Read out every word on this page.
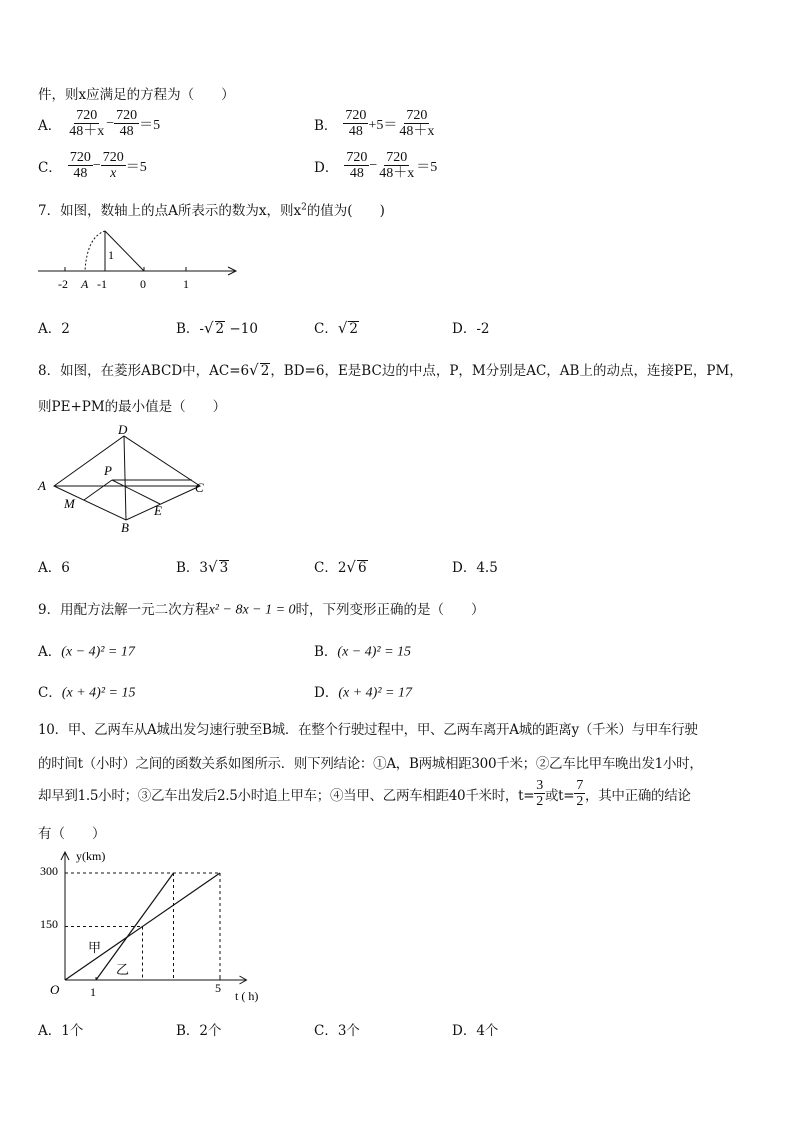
件，则x应满足的方程为（　　）
A． $\frac{720}{48+x} - \frac{720}{48} =5$	B． $\frac{720}{48} +5= \frac{720}{48+x}$
C． $\frac{720}{48} - \frac{720}{x} =5$	D． $\frac{720}{48} - \frac{720}{48+x} =5$
7．如图，数轴上的点A所表示的数为x，则$x^2$的值为(　　)
1
-2 A -1	0	1
A．2	B．-√ 2 −10	C．√ 2	D．-2
8．如图，在菱形ABCD中，AC=6√ 2，BD=6，E是BC边的中点，P，M分别是AC，AB上的动点，连接PE，PM，
则PE+PM的最小值是（　　）
A
D
C
B
P
M	E
A．6	B．3√ 3	C．2√ 6	D．4.5
9．用配方法解一元二次方程x² − 8x − 1 = 0时，下列变形正确的是（　　）
A．(x − 4)² = 17	B．(x − 4)² = 15
C．(x + 4)² = 15	D．(x + 4)² = 17
10．甲、乙两车从A城出发匀速行驶至B城．在整个行驶过程中，甲、乙两车离开A城的距离y（千米）与甲车行驶
的时间t（小时）之间的函数关系如图所示．则下列结论：①A，B两城相距300千米；②乙车比甲车晚出发1小时，
却早到1.5小时；③乙车出发后2.5小时追上甲车；④当甲、乙两车相距40千米时，$t= \frac{3}{2}$ 或$t= \frac{7}{2}$ ，其中正确的结论
有（　　）
y(km)
t ( h)
O
300
150
1	5
甲
乙
A．1个	B．2个	C．3个	D．4个
